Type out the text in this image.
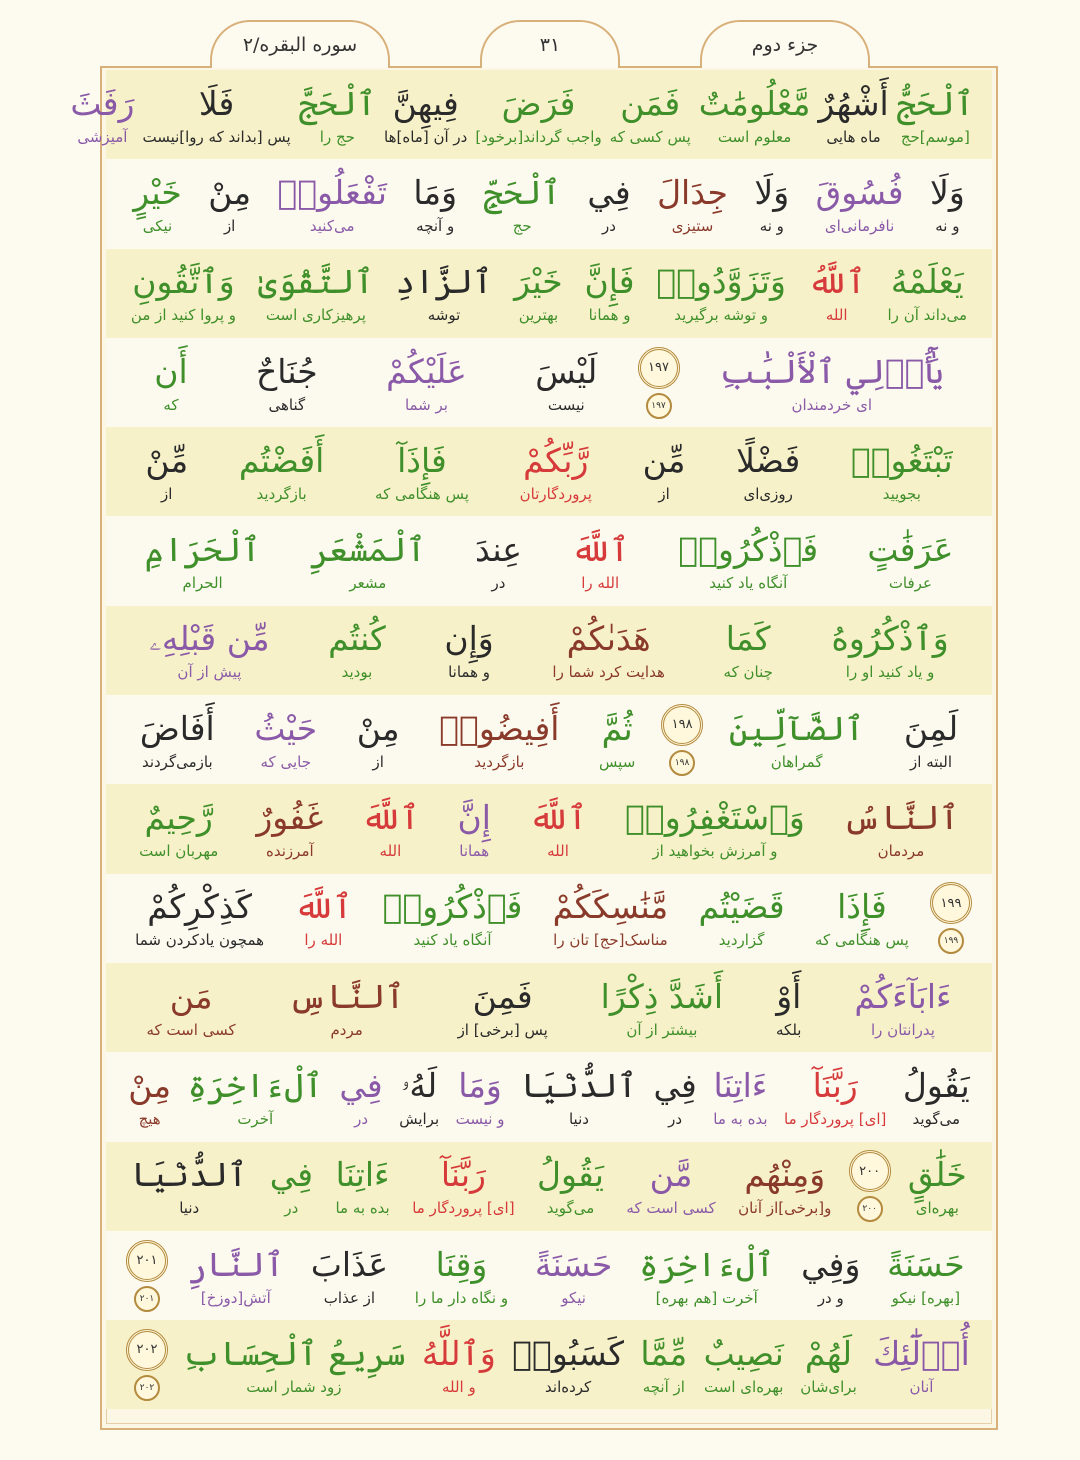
جزء دوم
۳۱
سوره البقره/۲
ٱلْحَجُّ
[موسم]حج
أَشْهُرٌ
ماه هایی
مَّعْلُومَٰتٌ
معلوم است
فَمَن
پس کسی که
فَرَضَ
واجب گرداند[برخود]
فِيهِنَّ
در آن [ماه]ها
ٱلْحَجَّ
حج را
فَلَا
پس [بداند که روا]نیست
رَفَثَ
آمیزشی
وَلَا
و نه
فُسُوقَ
نافرمانی‌ای
وَلَا
و نه
جِدَالَ
ستیزی
فِي
در
ٱلْحَجِّ
حج
وَمَا
و آنچه
تَفْعَلُوا۟
می‌کنید
مِنْ
از
خَيْرٍ
نیکی
يَعْلَمْهُ
می‌داند آن را
ٱللَّهُ
الله
وَتَزَوَّدُوا۟
و توشه برگیرید
فَإِنَّ
و همانا
خَيْرَ
بهترین
ٱلزَّادِ
توشه
ٱلتَّقْوَىٰ
پرهیزکاری است
وَٱتَّقُونِ
و پروا کنید از من
يَٰٓأُو۟لِي ٱلْأَلْبَٰبِ
ای خردمندان
۱۹۷
۱۹۷
لَيْسَ
نیست
عَلَيْكُمْ
بر شما
جُنَاحٌ
گناهی
أَن
که
تَبْتَغُوا۟
بجویید
فَضْلًا
روزی‌ای
مِّن
از
رَّبِّكُمْ
پروردگارتان
فَإِذَآ
پس هنگامی که
أَفَضْتُم
بازگردید
مِّنْ
از
عَرَفَٰتٍ
عرفات
فَٱذْكُرُوا۟
آنگاه یاد کنید
ٱللَّهَ
الله را
عِندَ
در
ٱلْمَشْعَرِ
مشعر
ٱلْحَرَامِ
الحرام
وَٱذْكُرُوهُ
و یاد کنید او را
كَمَا
چنان که
هَدَىٰكُمْ
هدایت کرد شما را
وَإِن
و همانا
كُنتُم
بودید
مِّن قَبْلِهِۦ
پیش از آن
لَمِنَ
البته از
ٱلضَّآلِّينَ
گمراهان
۱۹۸
۱۹۸
ثُمَّ
سپس
أَفِيضُوا۟
بازگردید
مِنْ
از
حَيْثُ
جایی که
أَفَاضَ
بازمی‌گردند
ٱلنَّاسُ
مردمان
وَٱسْتَغْفِرُوا۟
و آمرزش بخواهید از
ٱللَّهَ
الله
إِنَّ
همانا
ٱللَّهَ
الله
غَفُورٌ
آمرزنده
رَّحِيمٌ
مهربان است
۱۹۹
۱۹۹
فَإِذَا
پس هنگامی که
قَضَيْتُم
گزاردید
مَّنَٰسِكَكُمْ
مناسک[حج] تان را
فَٱذْكُرُوا۟
آنگاه یاد کنید
ٱللَّهَ
الله را
كَذِكْرِكُمْ
همچون یادکردن شما
ءَابَآءَكُمْ
پدرانتان را
أَوْ
بلکه
أَشَدَّ ذِكْرًا
بیشتر از آن
فَمِنَ
پس [برخی] از
ٱلنَّاسِ
مردم
مَن
کسی است که
يَقُولُ
می‌گوید
رَبَّنَآ
[ای] پروردگار ما
ءَاتِنَا
بده به ما
فِي
در
ٱلدُّنْيَا
دنیا
وَمَا
و نیست
لَهُۥ
برایش
فِي
در
ٱلْءَاخِرَةِ
آخرت
مِنْ
هیچ
خَلَٰقٍ
بهره‌ای
۲۰۰
۲۰۰
وَمِنْهُم
و[برخی]از آنان
مَّن
کسی است که
يَقُولُ
می‌گوید
رَبَّنَآ
[ای] پروردگار ما
ءَاتِنَا
بده به ما
فِي
در
ٱلدُّنْيَا
دنیا
حَسَنَةً
[بهره] نیکو
وَفِي
و در
ٱلْءَاخِرَةِ
آخرت [هم بهره]
حَسَنَةً
نیکو
وَقِنَا
و نگاه دار ما را
عَذَابَ
از عذاب
ٱلنَّارِ
آتش[دوزخ]
۲۰۱
۲۰۱
أُو۟لَٰٓئِكَ
آنان
لَهُمْ
برای‌شان
نَصِيبٌ
بهره‌ای است
مِّمَّا
از آنچه
كَسَبُوا۟
کرده‌اند
وَٱللَّهُ
و الله
سَرِيعُ ٱلْحِسَابِ
زود شمار است
۲۰۲
۲۰۲
